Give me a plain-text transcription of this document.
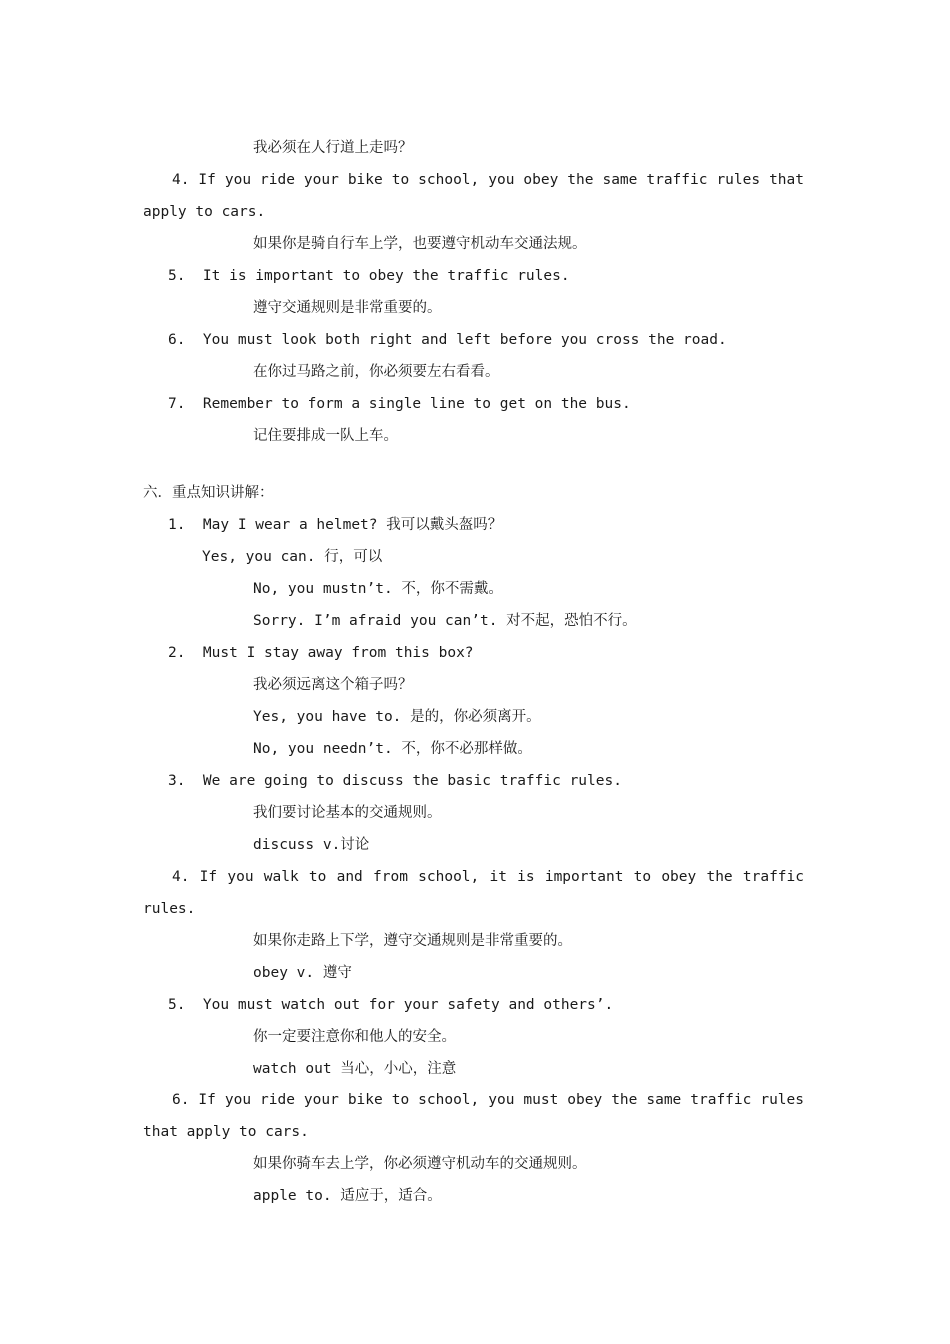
我必须在人行道上走吗？
4. If you ride your bike to school, you obey the same traffic rules that
apply to cars.
如果你是骑自行车上学，也要遵守机动车交通法规。
5.  It is important to obey the traffic rules.
遵守交通规则是非常重要的。
6.  You must look both right and left before you cross the road.
在你过马路之前，你必须要左右看看。
7.  Remember to form a single line to get on the bus.
记住要排成一队上车。
六．重点知识讲解：
1.  May I wear a helmet? 我可以戴头盔吗？
Yes, you can. 行，可以
No, you mustn’t. 不，你不需戴。
Sorry. I’m afraid you can’t. 对不起，恐怕不行。
2.  Must I stay away from this box?
我必须远离这个箱子吗？
Yes, you have to. 是的，你必须离开。
No, you needn’t. 不，你不必那样做。
3.  We are going to discuss the basic traffic rules.
我们要讨论基本的交通规则。
discuss v.讨论
4. If you walk to and from school, it is important to obey the traffic
rules.
如果你走路上下学，遵守交通规则是非常重要的。
obey v. 遵守
5.  You must watch out for your safety and others’.
你一定要注意你和他人的安全。
watch out 当心，小心，注意
6. If you ride your bike to school, you must obey the same traffic rules
that apply to cars.
如果你骑车去上学，你必须遵守机动车的交通规则。
apple to. 适应于，适合。
